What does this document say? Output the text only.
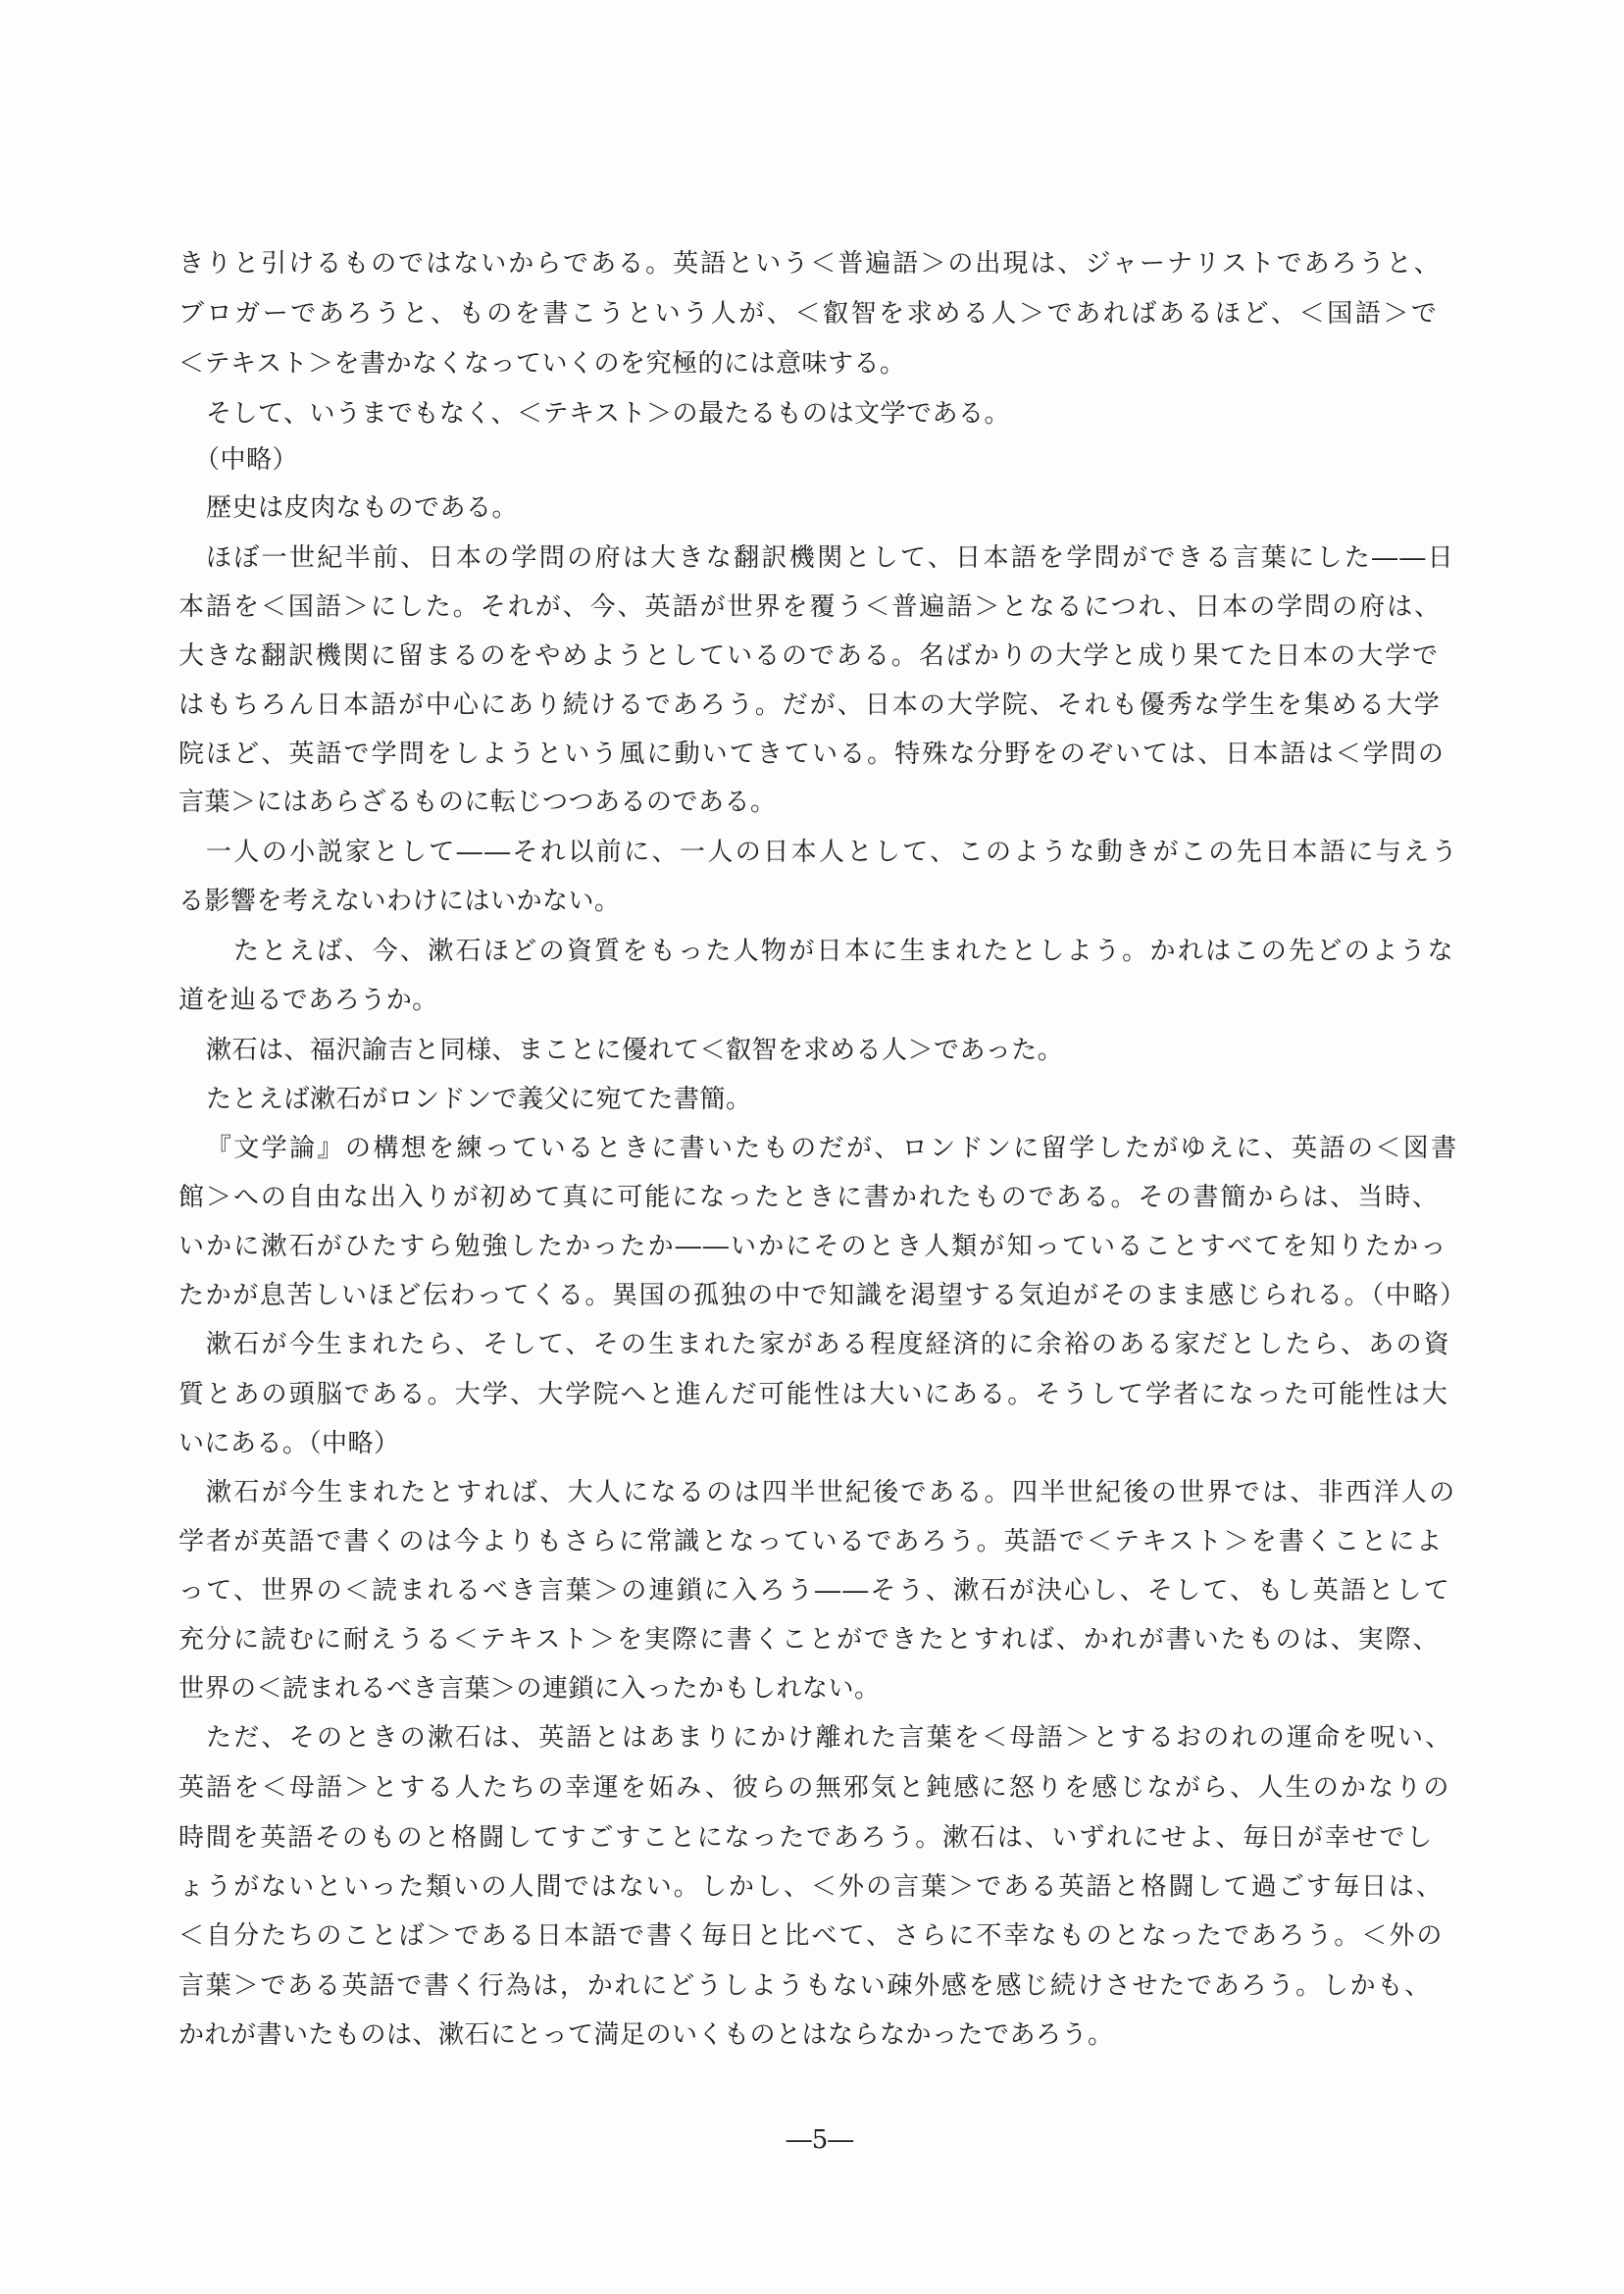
きりと引けるものではないからである。英語という＜普遍語＞の出現は、ジャーナリストであろうと、
ブロガーであろうと、ものを書こうという人が、＜叡智を求める人＞であればあるほど、＜国語＞で
＜テキスト＞を書かなくなっていくのを究極的には意味する。
そして、いうまでもなく、＜テキスト＞の最たるものは文学である。
（中略）
歴史は皮肉なものである。
ほぼ一世紀半前、日本の学問の府は大きな翻訳機関として、日本語を学問ができる言葉にした――日
本語を＜国語＞にした。それが、今、英語が世界を覆う＜普遍語＞となるにつれ、日本の学問の府は、
大きな翻訳機関に留まるのをやめようとしているのである。名ばかりの大学と成り果てた日本の大学で
はもちろん日本語が中心にあり続けるであろう。だが、日本の大学院、それも優秀な学生を集める大学
院ほど、英語で学問をしようという風に動いてきている。特殊な分野をのぞいては、日本語は＜学問の
言葉＞にはあらざるものに転じつつあるのである。
一人の小説家として――それ以前に、一人の日本人として、このような動きがこの先日本語に与えう
る影響を考えないわけにはいかない。
たとえば、今、漱石ほどの資質をもった人物が日本に生まれたとしよう。かれはこの先どのような
道を辿るであろうか。
漱石は、福沢諭吉と同様、まことに優れて＜叡智を求める人＞であった。
たとえば漱石がロンドンで義父に宛てた書簡。
『文学論』の構想を練っているときに書いたものだが、ロンドンに留学したがゆえに、英語の＜図書
館＞への自由な出入りが初めて真に可能になったときに書かれたものである。その書簡からは、当時、
いかに漱石がひたすら勉強したかったか――いかにそのとき人類が知っていることすべてを知りたかっ
たかが息苦しいほど伝わってくる。異国の孤独の中で知識を渇望する気迫がそのまま感じられる。（中略）
漱石が今生まれたら、そして、その生まれた家がある程度経済的に余裕のある家だとしたら、あの資
質とあの頭脳である。大学、大学院へと進んだ可能性は大いにある。そうして学者になった可能性は大
いにある。（中略）
漱石が今生まれたとすれば、大人になるのは四半世紀後である。四半世紀後の世界では、非西洋人の
学者が英語で書くのは今よりもさらに常識となっているであろう。英語で＜テキスト＞を書くことによ
って、世界の＜読まれるべき言葉＞の連鎖に入ろう――そう、漱石が決心し、そして、もし英語として
充分に読むに耐えうる＜テキスト＞を実際に書くことができたとすれば、かれが書いたものは、実際、
世界の＜読まれるべき言葉＞の連鎖に入ったかもしれない。
ただ、そのときの漱石は、英語とはあまりにかけ離れた言葉を＜母語＞とするおのれの運命を呪い、
英語を＜母語＞とする人たちの幸運を妬み、彼らの無邪気と鈍感に怒りを感じながら、人生のかなりの
時間を英語そのものと格闘してすごすことになったであろう。漱石は、いずれにせよ、毎日が幸せでし
ょうがないといった類いの人間ではない。しかし、＜外の言葉＞である英語と格闘して過ごす毎日は、
＜自分たちのことば＞である日本語で書く毎日と比べて、さらに不幸なものとなったであろう。＜外の
言葉＞である英語で書く行為は，かれにどうしようもない疎外感を感じ続けさせたであろう。しかも、
かれが書いたものは、漱石にとって満足のいくものとはならなかったであろう。
―5―
